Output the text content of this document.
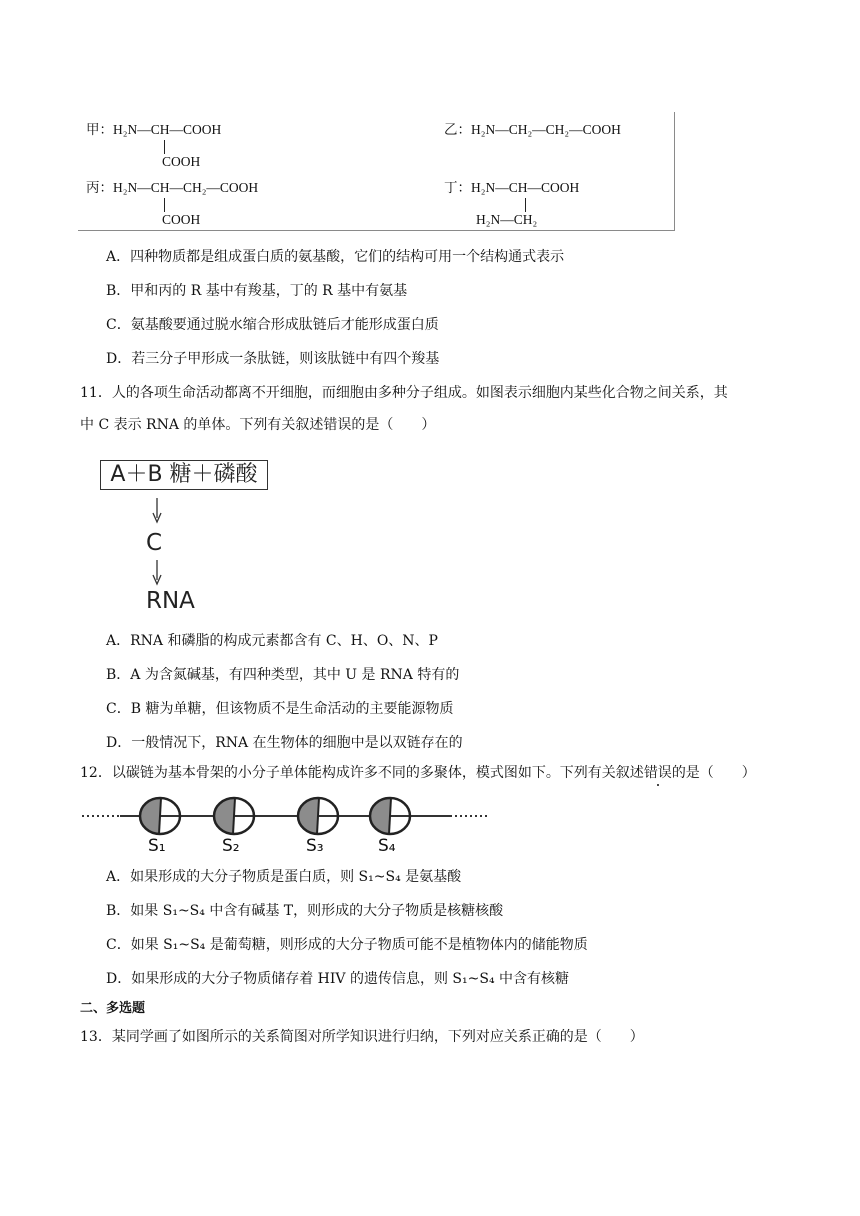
甲：H₂N—CH—COOH
COOH
乙：H₂N—CH₂—CH₂—COOH
丙：H₂N—CH—CH₂—COOH
COOH
丁：H₂N—CH—COOH
H₂N—CH₂
A．四种物质都是组成蛋白质的氨基酸，它们的结构可用一个结构通式表示
B．甲和丙的 R 基中有羧基，丁的 R 基中有氨基
C．氨基酸要通过脱水缩合形成肽链后才能形成蛋白质
D．若三分子甲形成一条肽链，则该肽链中有四个羧基
11．人的各项生命活动都离不开细胞，而细胞由多种分子组成。如图表示细胞内某些化合物之间关系，其
中 C 表示 RNA 的单体。下列有关叙述错误的是（　　）
A＋B 糖＋磷酸
C
RNA
A．RNA 和磷脂的构成元素都含有 C、H、O、N、P
B．A 为含氮碱基，有四种类型，其中 U 是 RNA 特有的
C．B 糖为单糖，但该物质不是生命活动的主要能源物质
D．一般情况下，RNA 在生物体的细胞中是以双链存在的
12．以碳链为基本骨架的小分子单体能构成许多不同的多聚体，模式图如下。下列有关叙述错误的是（　　）
S₁	S₂	S₃	S₄
A．如果形成的大分子物质是蛋白质，则 S₁~S₄ 是氨基酸
B．如果 S₁~S₄ 中含有碱基 T，则形成的大分子物质是核糖核酸
C．如果 S₁~S₄ 是葡萄糖，则形成的大分子物质可能不是植物体内的储能物质
D．如果形成的大分子物质储存着 HIV 的遗传信息，则 S₁~S₄ 中含有核糖
二、多选题
13．某同学画了如图所示的关系简图对所学知识进行归纳，下列对应关系正确的是（　　）
